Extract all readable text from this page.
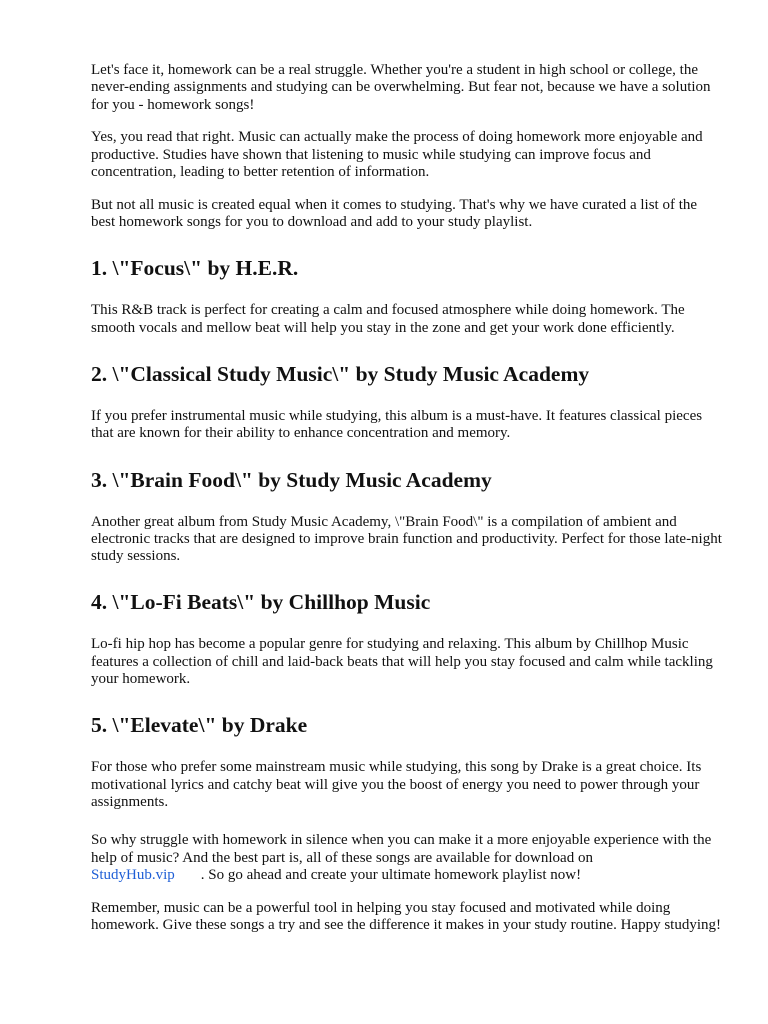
Let's face it, homework can be a real struggle. Whether you're a student in high school or college, the never-ending assignments and studying can be overwhelming. But fear not, because we have a solution for you - homework songs!

Yes, you read that right. Music can actually make the process of doing homework more enjoyable and productive. Studies have shown that listening to music while studying can improve focus and concentration, leading to better retention of information.

But not all music is created equal when it comes to studying. That's why we have curated a list of the best homework songs for you to download and add to your study playlist.

1. \"Focus\" by H.E.R.

This R&B track is perfect for creating a calm and focused atmosphere while doing homework. The smooth vocals and mellow beat will help you stay in the zone and get your work done efficiently.

2. \"Classical Study Music\" by Study Music Academy

If you prefer instrumental music while studying, this album is a must-have. It features classical pieces that are known for their ability to enhance concentration and memory.

3. \"Brain Food\" by Study Music Academy

Another great album from Study Music Academy, \"Brain Food\" is a compilation of ambient and electronic tracks that are designed to improve brain function and productivity. Perfect for those late-night study sessions.

4. \"Lo-Fi Beats\" by Chillhop Music

Lo-fi hip hop has become a popular genre for studying and relaxing. This album by Chillhop Music features a collection of chill and laid-back beats that will help you stay focused and calm while tackling your homework.

5. \"Elevate\" by Drake

For those who prefer some mainstream music while studying, this song by Drake is a great choice. Its motivational lyrics and catchy beat will give you the boost of energy you need to power through your assignments.

So why struggle with homework in silence when you can make it a more enjoyable experience with the help of music? And the best part is, all of these songs are available for download on
StudyHub.vip . So go ahead and create your ultimate homework playlist now!

Remember, music can be a powerful tool in helping you stay focused and motivated while doing homework. Give these songs a try and see the difference it makes in your study routine. Happy studying!
